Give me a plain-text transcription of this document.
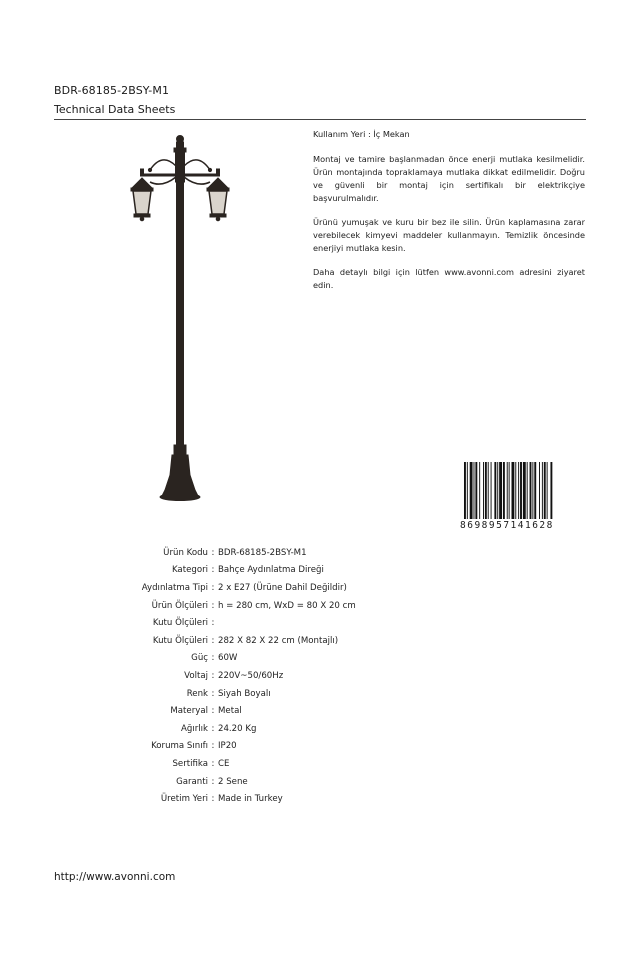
BDR-68185-2BSY-M1
Technical Data Sheets

Kullanım Yeri : İç Mekan

Montaj ve tamire başlanmadan önce enerji mutlaka kesilmelidir. Ürün montajında topraklamaya mutlaka dikkat edilmelidir. Doğru ve güvenli bir montaj için sertifikalı bir elektrikçiye başvurulmalıdır.

Ürünü yumuşak ve kuru bir bez ile silin. Ürün kaplamasına zarar verebilecek kimyevi maddeler kullanmayın. Temizlik öncesinde enerjiyi mutlaka kesin.

Daha detaylı bilgi için lütfen www.avonni.com adresini ziyaret edin.

8698957141628
Ürün Kodu : BDR-68185-2BSY-M1
Kategori : Bahçe Aydınlatma Direği
Aydınlatma Tipi : 2 x E27 (Ürüne Dahil Değildir)
Ürün Ölçüleri : h = 280 cm, WxD = 80 X 20 cm
Kutu Ölçüleri :
Kutu Ölçüleri : 282 X 82 X 22 cm (Montajlı)
Güç : 60W
Voltaj : 220V~50/60Hz
Renk : Siyah Boyalı
Materyal : Metal
Ağırlık : 24.20 Kg
Koruma Sınıfı : IP20
Sertifika : CE
Garanti : 2 Sene
Üretim Yeri : Made in Turkey
http://www.avonni.com
